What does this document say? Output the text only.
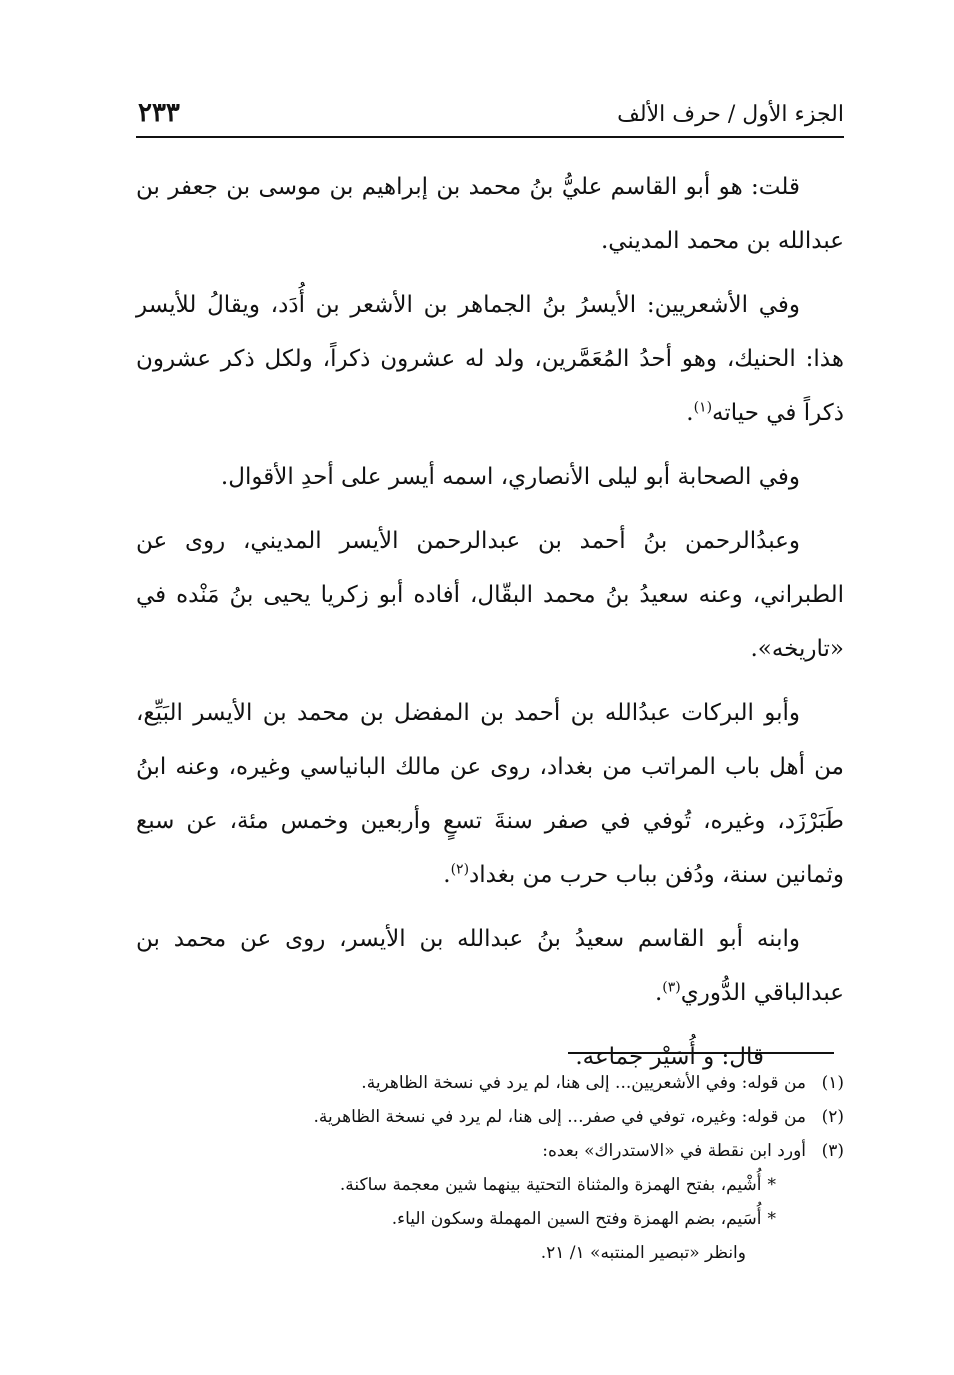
الجزء الأول / حرف الألف
٢٣٣

قلت: هو أبو القاسم عليُّ بنُ محمد بن إبراهيم بن موسى بن جعفر بن عبدالله بن محمد المديني.

وفي الأشعريين: الأيسرُ بنُ الجماهر بن الأشعر بن أُدَد، ويقالُ للأيسر هذا: الحنيك، وهو أحدُ المُعَمَّرين، ولد له عشرون ذكراً، ولكل ذكر عشرون ذكراً في حياته$^{(١)}$.

وفي الصحابة أبو ليلى الأنصاري، اسمه أيسر على أحدِ الأقوال.

وعبدُالرحمن بنُ أحمد بن عبدالرحمن الأيسر المديني، روى عن الطبراني، وعنه سعيدُ بنُ محمد البقّال، أفاده أبو زكريا يحيى بنُ مَنْده في «تاريخه».

وأبو البركات عبدُالله بن أحمد بن المفضل بن محمد بن الأيسر البَيِّع، من أهل باب المراتب من بغداد، روى عن مالك البانياسي وغيره، وعنه ابنُ طَبَرْزَد، وغيره، تُوفي في صفر سنةَ تسعٍ وأربعين وخمس مئة، عن سبع وثمانين سنة، ودُفن بباب حرب من بغداد$^{(٢)}$.

وابنه أبو القاسم سعيدُ بنُ عبدالله بن الأيسر، روى عن محمد بن عبدالباقي الدُّوري$^{(٣)}$.

قال: و أُسَيْر جماعة.

(١)
من قوله: وفي الأشعريين... إلى هنا، لم يرد في نسخة الظاهرية.

(٢)
من قوله: وغيره، توفي في صفر... إلى هنا، لم يرد في نسخة الظاهرية.

(٣)
أورد ابن نقطة في «الاستدراك» بعده:

*أُشْيم، بفتح الهمزة والمثناة التحتية بينهما شين معجمة ساكنة.

*أُسَيم، بضم الهمزة وفتح السين المهملة وسكون الياء.

وانظر «تبصير المنتبه» ١/ ٢١.
